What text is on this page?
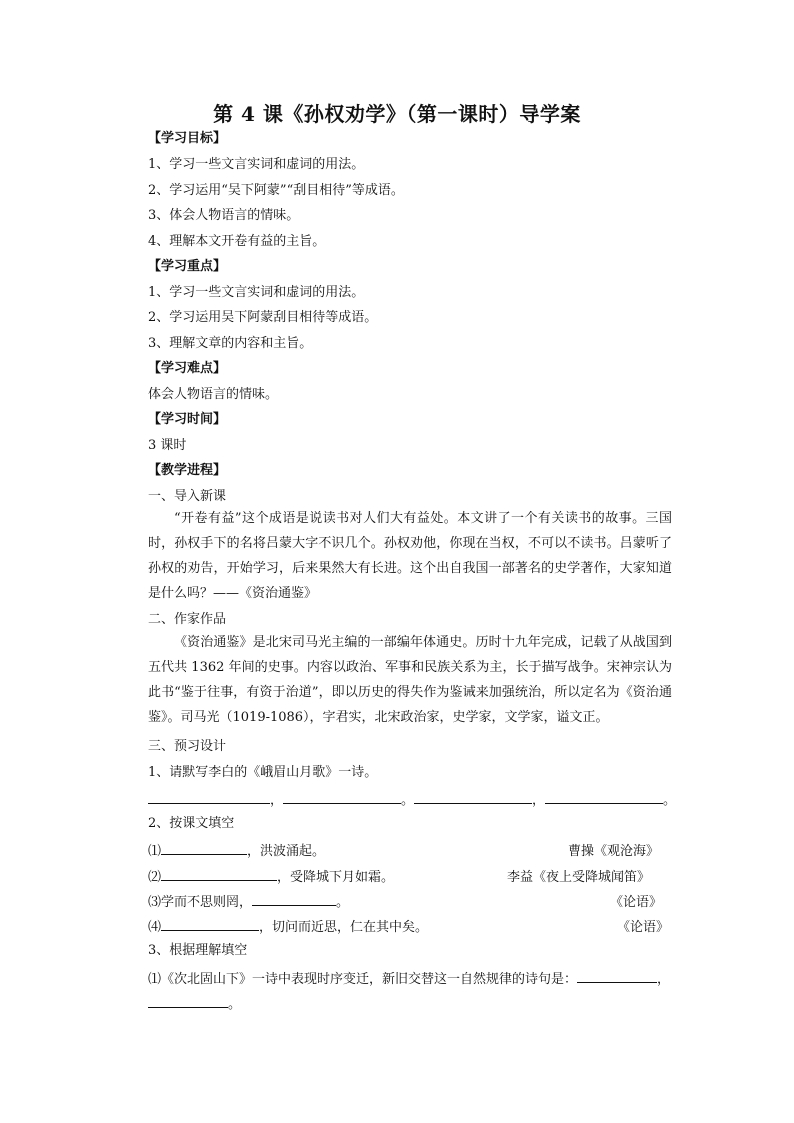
第 4 课《孙权劝学》（第一课时）导学案
【学习目标】
1、学习一些文言实词和虚词的用法。
2、学习运用“吴下阿蒙”“刮目相待”等成语。
3、体会人物语言的情味。
4、理解本文开卷有益的主旨。
【学习重点】
1、学习一些文言实词和虚词的用法。
2、学习运用吴下阿蒙刮目相待等成语。
3、理解文章的内容和主旨。
【学习难点】
体会人物语言的情味。
【学习时间】
3 课时
【教学进程】
一、导入新课

“开卷有益”这个成语是说读书对人们大有益处。本文讲了一个有关读书的故事。三国时，孙权手下的名将吕蒙大字不识几个。孙权劝他，你现在当权，不可以不读书。吕蒙听了孙权的劝告，开始学习，后来果然大有长进。这个出自我国一部著名的史学著作，大家知道是什么吗？——《资治通鉴》

二、作家作品

《资治通鉴》是北宋司马光主编的一部编年体通史。历时十九年完成，记载了从战国到五代共 1362 年间的史事。内容以政治、军事和民族关系为主，长于描写战争。宋神宗认为此书“鉴于往事，有资于治道”，即以历史的得失作为鉴诫来加强统治，所以定名为《资治通鉴》。司马光（1019-1086），字君实，北宋政治家，史学家，文学家，谥文正。

三、预习设计
1、请默写李白的《峨眉山月歌》一诗。
，	。	，	。
2、按课文填空
⑴	，洪波涌起。	曹操《观沧海》
⑵	，受降城下月如霜。	李益《夜上受降城闻笛》
⑶学而不思则罔，	。	《论语》
⑷	，切问而近思，仁在其中矣。	《论语》
3、根据理解填空
⑴《次北固山下》一诗中表现时序变迁，新旧交替这一自然规律的诗句是：	，
。
